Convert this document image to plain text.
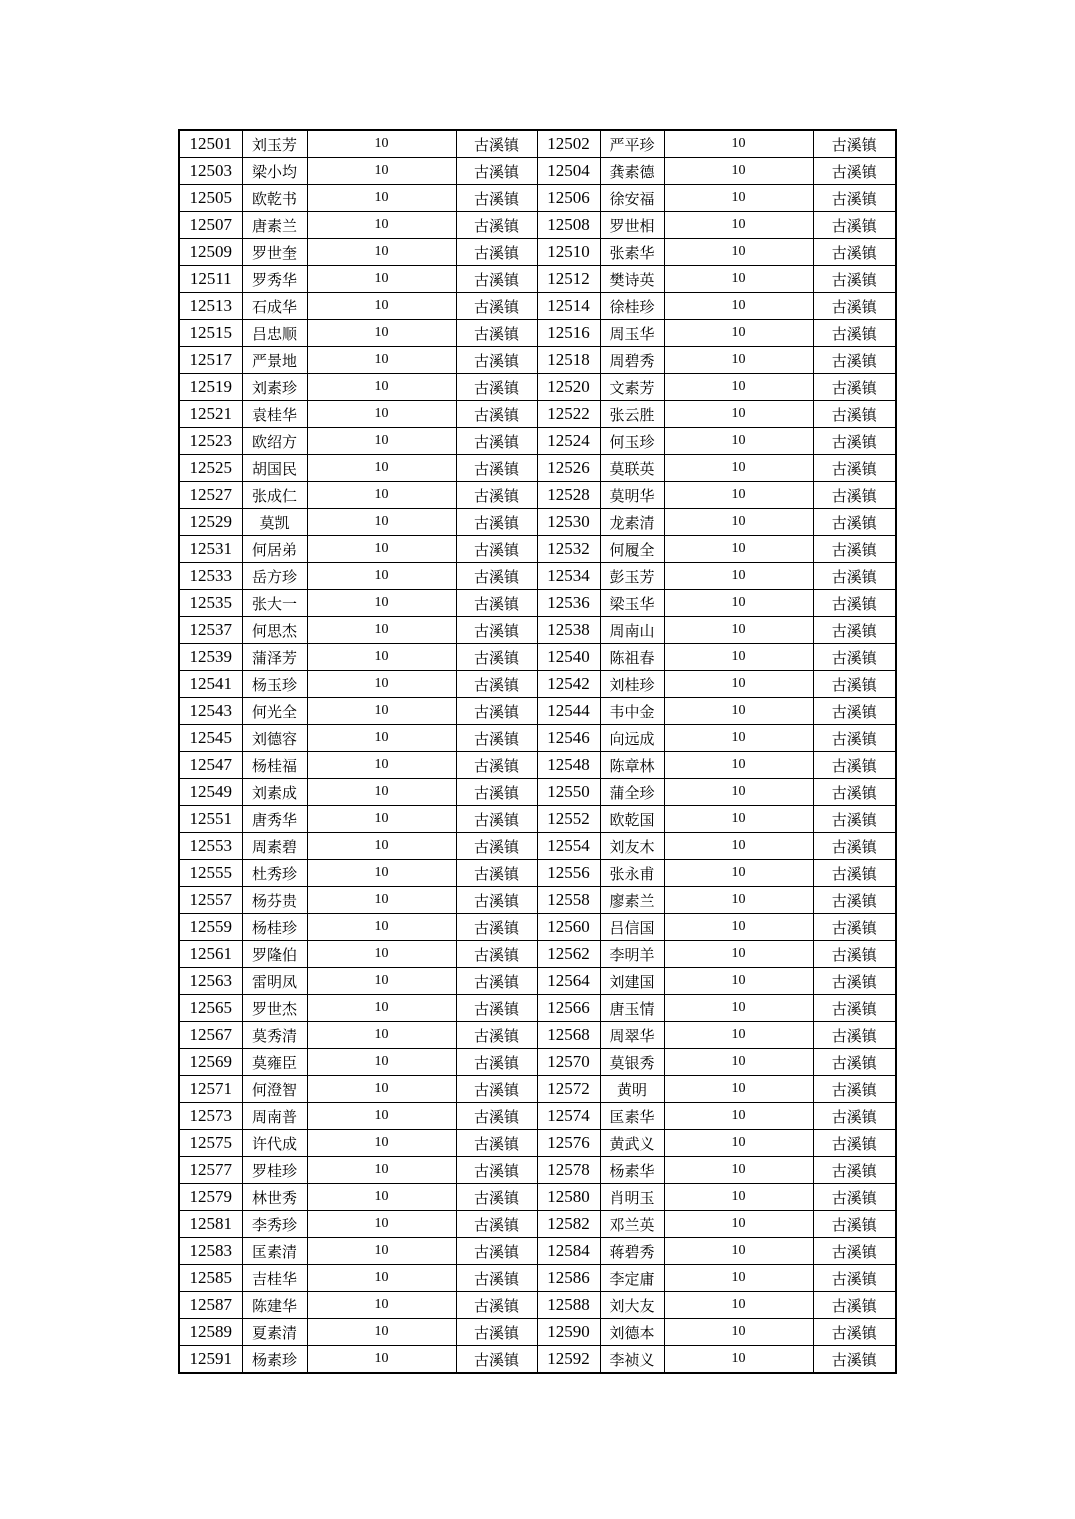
12501	刘玉芳	10	古溪镇	12502	严平珍	10	古溪镇
12503	梁小均	10	古溪镇	12504	龚素德	10	古溪镇
12505	欧乾书	10	古溪镇	12506	徐安福	10	古溪镇
12507	唐素兰	10	古溪镇	12508	罗世相	10	古溪镇
12509	罗世奎	10	古溪镇	12510	张素华	10	古溪镇
12511	罗秀华	10	古溪镇	12512	樊诗英	10	古溪镇
12513	石成华	10	古溪镇	12514	徐桂珍	10	古溪镇
12515	吕忠顺	10	古溪镇	12516	周玉华	10	古溪镇
12517	严景地	10	古溪镇	12518	周碧秀	10	古溪镇
12519	刘素珍	10	古溪镇	12520	文素芳	10	古溪镇
12521	袁桂华	10	古溪镇	12522	张云胜	10	古溪镇
12523	欧绍方	10	古溪镇	12524	何玉珍	10	古溪镇
12525	胡国民	10	古溪镇	12526	莫联英	10	古溪镇
12527	张成仁	10	古溪镇	12528	莫明华	10	古溪镇
12529	莫凯	10	古溪镇	12530	龙素清	10	古溪镇
12531	何居弟	10	古溪镇	12532	何履全	10	古溪镇
12533	岳方珍	10	古溪镇	12534	彭玉芳	10	古溪镇
12535	张大一	10	古溪镇	12536	梁玉华	10	古溪镇
12537	何思杰	10	古溪镇	12538	周南山	10	古溪镇
12539	蒲泽芳	10	古溪镇	12540	陈祖春	10	古溪镇
12541	杨玉珍	10	古溪镇	12542	刘桂珍	10	古溪镇
12543	何光全	10	古溪镇	12544	韦中金	10	古溪镇
12545	刘德容	10	古溪镇	12546	向远成	10	古溪镇
12547	杨桂福	10	古溪镇	12548	陈章林	10	古溪镇
12549	刘素成	10	古溪镇	12550	蒲全珍	10	古溪镇
12551	唐秀华	10	古溪镇	12552	欧乾国	10	古溪镇
12553	周素碧	10	古溪镇	12554	刘友木	10	古溪镇
12555	杜秀珍	10	古溪镇	12556	张永甫	10	古溪镇
12557	杨芬贵	10	古溪镇	12558	廖素兰	10	古溪镇
12559	杨桂珍	10	古溪镇	12560	吕信国	10	古溪镇
12561	罗隆伯	10	古溪镇	12562	李明羊	10	古溪镇
12563	雷明凤	10	古溪镇	12564	刘建国	10	古溪镇
12565	罗世杰	10	古溪镇	12566	唐玉情	10	古溪镇
12567	莫秀清	10	古溪镇	12568	周翠华	10	古溪镇
12569	莫雍臣	10	古溪镇	12570	莫银秀	10	古溪镇
12571	何澄智	10	古溪镇	12572	黄明	10	古溪镇
12573	周南普	10	古溪镇	12574	匡素华	10	古溪镇
12575	许代成	10	古溪镇	12576	黄武义	10	古溪镇
12577	罗桂珍	10	古溪镇	12578	杨素华	10	古溪镇
12579	林世秀	10	古溪镇	12580	肖明玉	10	古溪镇
12581	李秀珍	10	古溪镇	12582	邓兰英	10	古溪镇
12583	匡素清	10	古溪镇	12584	蒋碧秀	10	古溪镇
12585	吉桂华	10	古溪镇	12586	李定庸	10	古溪镇
12587	陈建华	10	古溪镇	12588	刘大友	10	古溪镇
12589	夏素清	10	古溪镇	12590	刘德本	10	古溪镇
12591	杨素珍	10	古溪镇	12592	李祯义	10	古溪镇
